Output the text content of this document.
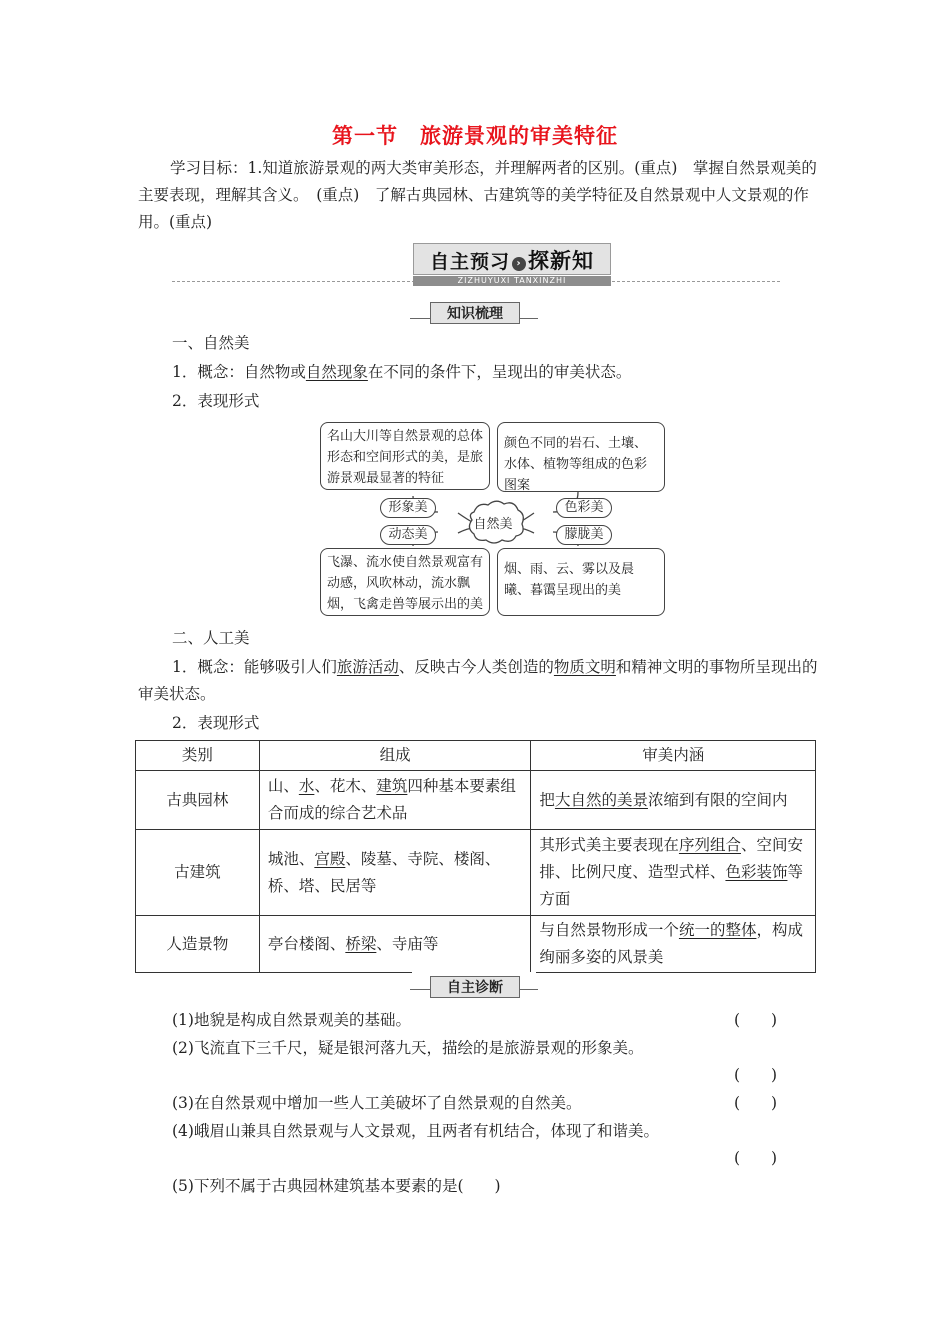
第一节　旅游景观的审美特征
学习目标：1.知道旅游景观的两大类审美形态，并理解两者的区别。(重点)　掌握自然景观美的主要表现，理解其含义。　(重点)　了解古典园林、古建筑等的美学特征及自然景观中人文景观的作用。(重点)
自主预习 › 探新知
ZIZHUYUXI TANXINZHI
知识梳理
一、自然美
1．概念：自然物或自然现象在不同的条件下，呈现出的审美状态。
2．表现形式
自然美
名山大川等自然景观的总体形态和空间形式的美，是旅游景观最显著的特征
颜色不同的岩石、土壤、水体、植物等组成的色彩图案
形象美	色彩美
动态美	朦胧美
飞瀑、流水使自然景观富有动感，风吹林动，流水飘烟，飞禽走兽等展示出的美
烟、雨、云、雾以及晨曦、暮霭呈现出的美
二、人工美
1．概念：能够吸引人们旅游活动、反映古今人类创造的物质文明和精神文明的事物所呈现出的审美状态。
2．表现形式
类别	组成	审美内涵
古典园林	山、水、花木、建筑四种基本要素组合而成的综合艺术品	把大自然的美景浓缩到有限的空间内
古建筑	城池、宫殿、陵墓、寺院、楼阁、桥、塔、民居等	其形式美主要表现在序列组合、空间安排、比例尺度、造型式样、色彩装饰等方面
人造景物	亭台楼阁、桥梁、寺庙等	与自然景物形成一个统一的整体，构成绚丽多姿的风景美
自主诊断
(1)地貌是构成自然景观美的基础。	(　　)
(2)飞流直下三千尺，疑是银河落九天，描绘的是旅游景观的形象美。
(　　)
(3)在自然景观中增加一些人工美破坏了自然景观的自然美。	(　　)
(4)峨眉山兼具自然景观与人文景观，且两者有机结合，体现了和谐美。
(　　)
(5)下列不属于古典园林建筑基本要素的是(　　)
